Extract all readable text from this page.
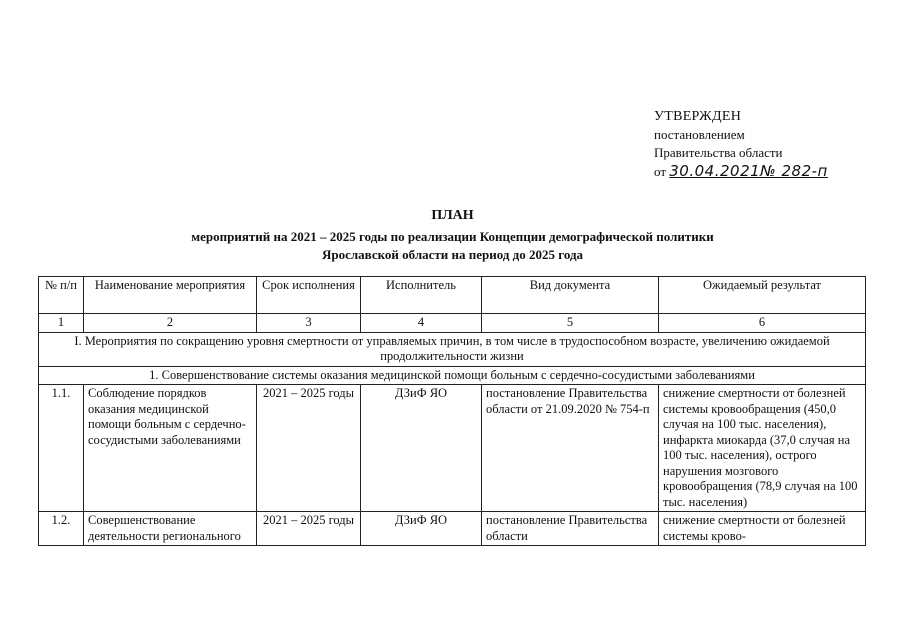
УТВЕРЖДЕН
постановлением
Правительства области
от 30.04.2021№ 282-п
ПЛАН
мероприятий на 2021 – 2025 годы по реализации Концепции демографической политики
Ярославской области на период до 2025 года
№ п/п	Наименование мероприятия	Срок исполнения	Исполнитель	Вид документа	Ожидаемый результат
1	2	3	4	5	6
I. Мероприятия по сокращению уровня смертности от управляемых причин, в том числе в трудоспособном возрасте, увеличению ожидаемой продолжительности жизни					
1. Совершенствование системы оказания медицинской помощи больным с сердечно-сосудистыми заболеваниями					
1.1.	Соблюдение порядков оказания медицинской помощи больным с сердечно-сосудистыми заболеваниями	2021 – 2025 годы	ДЗиФ ЯО	постановление Правительства области от 21.09.2020 № 754-п	снижение смертности от болезней системы кровообращения (450,0 случая на 100 тыс. населения), инфаркта миокарда (37,0 случая на 100 тыс. населения), острого нарушения мозгового кровообращения (78,9 случая на 100 тыс. населения)
1.2.	Совершенствование деятельности регионального	2021 – 2025 годы	ДЗиФ ЯО	постановление Правительства области	снижение смертности от болезней системы крово-
